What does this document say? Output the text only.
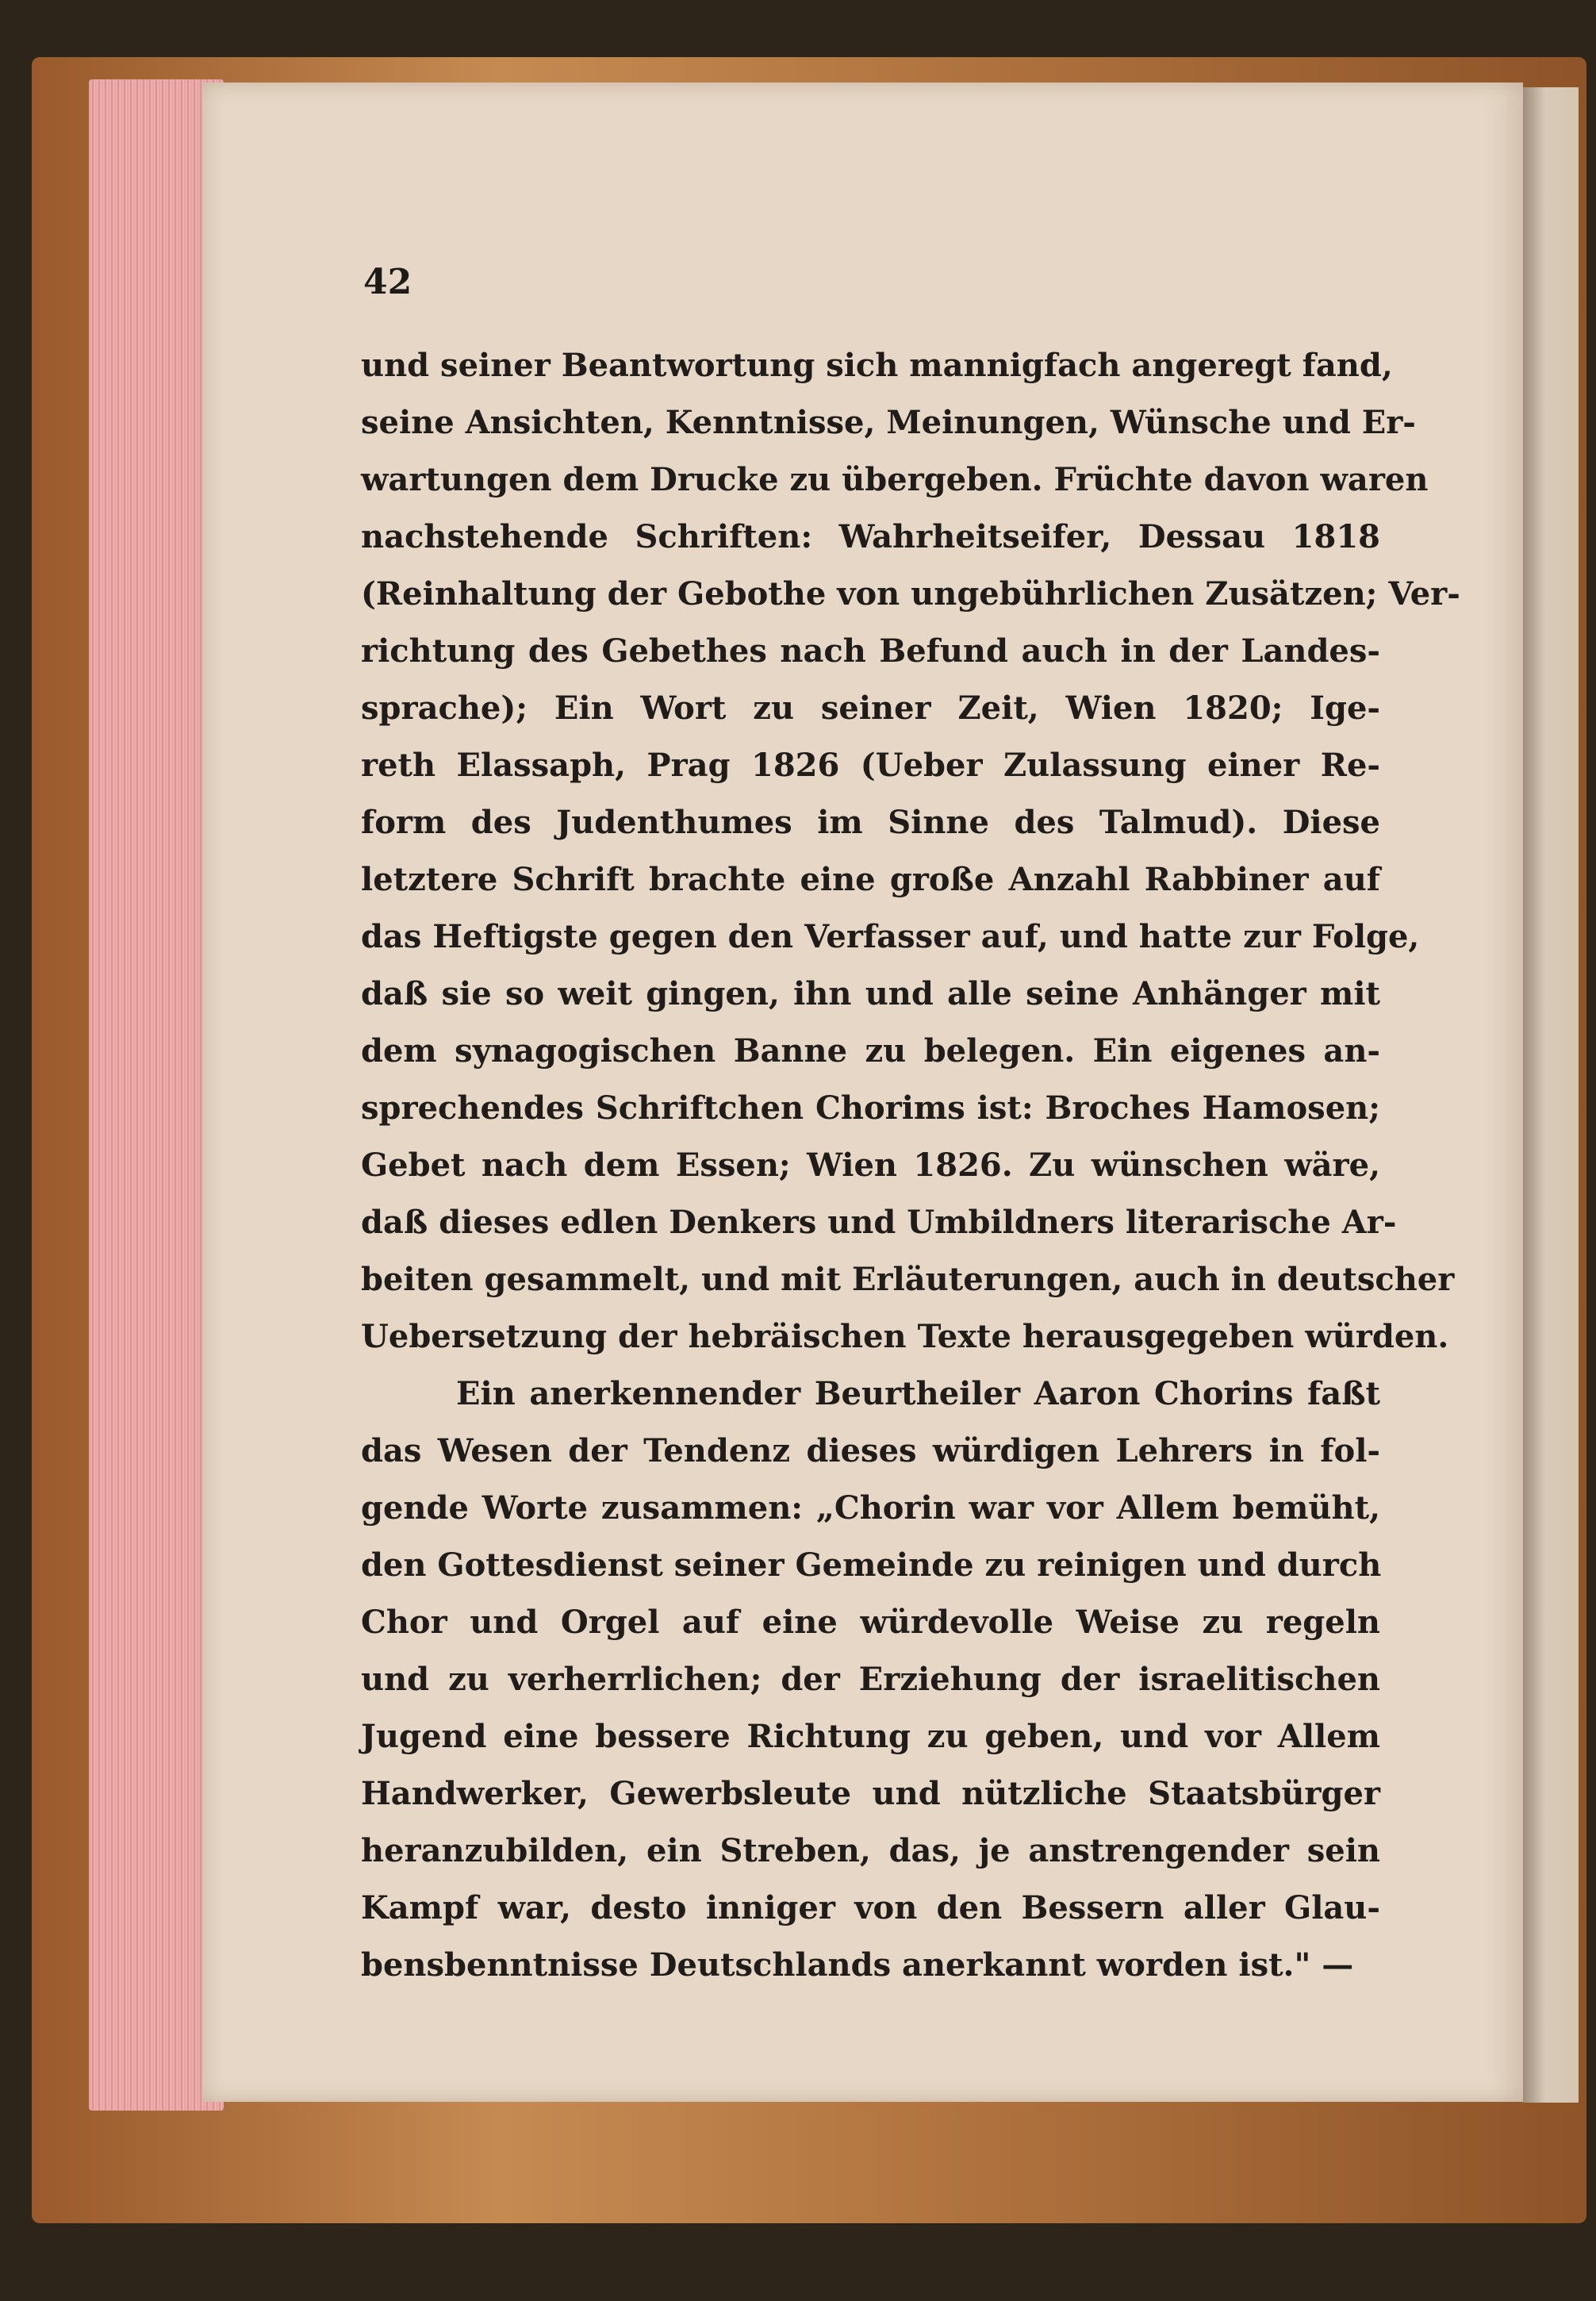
42
und seiner Beantwortung sich mannigfach angeregt fand,
seine Ansichten, Kenntnisse, Meinungen, Wünsche und Er-
wartungen dem Drucke zu übergeben. Früchte davon waren
nachstehende Schriften: Wahrheitseifer, Dessau 1818
(Reinhaltung der Gebothe von ungebührlichen Zusätzen; Ver-
richtung des Gebethes nach Befund auch in der Landes-
sprache); Ein Wort zu seiner Zeit, Wien 1820; Ige-
reth Elassaph, Prag 1826 (Ueber Zulassung einer Re-
form des Judenthumes im Sinne des Talmud). Diese
letztere Schrift brachte eine große Anzahl Rabbiner auf
das Heftigste gegen den Verfasser auf, und hatte zur Folge,
daß sie so weit gingen, ihn und alle seine Anhänger mit
dem synagogischen Banne zu belegen. Ein eigenes an-
sprechendes Schriftchen Chorims ist: Broches Hamosen;
Gebet nach dem Essen; Wien 1826. Zu wünschen wäre,
daß dieses edlen Denkers und Umbildners literarische Ar-
beiten gesammelt, und mit Erläuterungen, auch in deutscher
Uebersetzung der hebräischen Texte herausgegeben würden.
Ein anerkennender Beurtheiler Aaron Chorins faßt
das Wesen der Tendenz dieses würdigen Lehrers in fol-
gende Worte zusammen: „Chorin war vor Allem bemüht,
den Gottesdienst seiner Gemeinde zu reinigen und durch
Chor und Orgel auf eine würdevolle Weise zu regeln
und zu verherrlichen; der Erziehung der israelitischen
Jugend eine bessere Richtung zu geben, und vor Allem
Handwerker, Gewerbsleute und nützliche Staatsbürger
heranzubilden, ein Streben, das, je anstrengender sein
Kampf war, desto inniger von den Bessern aller Glau-
bensbenntnisse Deutschlands anerkannt worden ist." —
